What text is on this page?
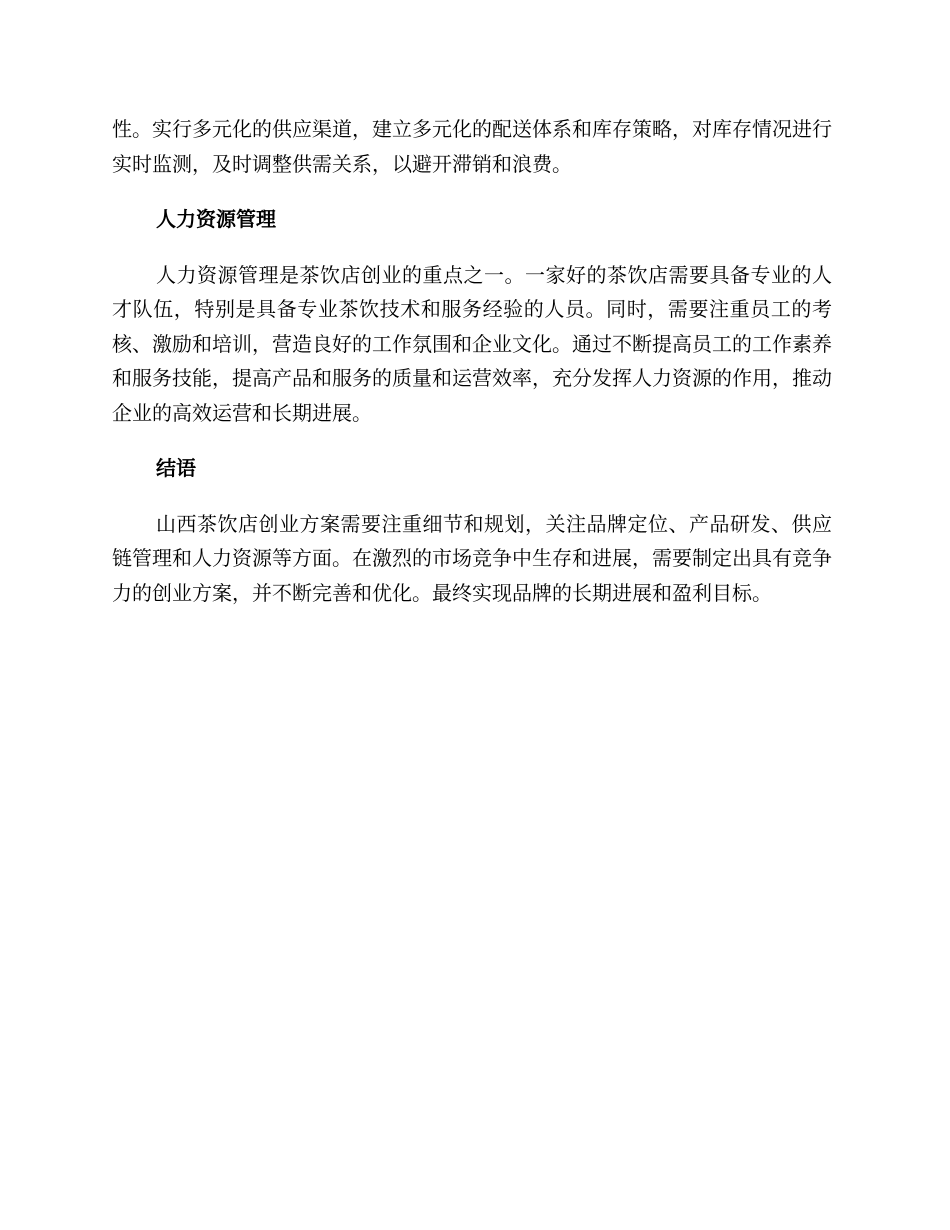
性。实行多元化的供应渠道，建立多元化的配送体系和库存策略，对库存情况进行实时监测，及时调整供需关系，以避开滞销和浪费。

人力资源管理

人力资源管理是茶饮店创业的重点之一。一家好的茶饮店需要具备专业的人才队伍，特别是具备专业茶饮技术和服务经验的人员。同时，需要注重员工的考核、激励和培训，营造良好的工作氛围和企业文化。通过不断提高员工的工作素养和服务技能，提高产品和服务的质量和运营效率，充分发挥人力资源的作用，推动企业的高效运营和长期进展。

结语

山西茶饮店创业方案需要注重细节和规划，关注品牌定位、产品研发、供应链管理和人力资源等方面。在激烈的市场竞争中生存和进展，需要制定出具有竞争力的创业方案，并不断完善和优化。最终实现品牌的长期进展和盈利目标。
